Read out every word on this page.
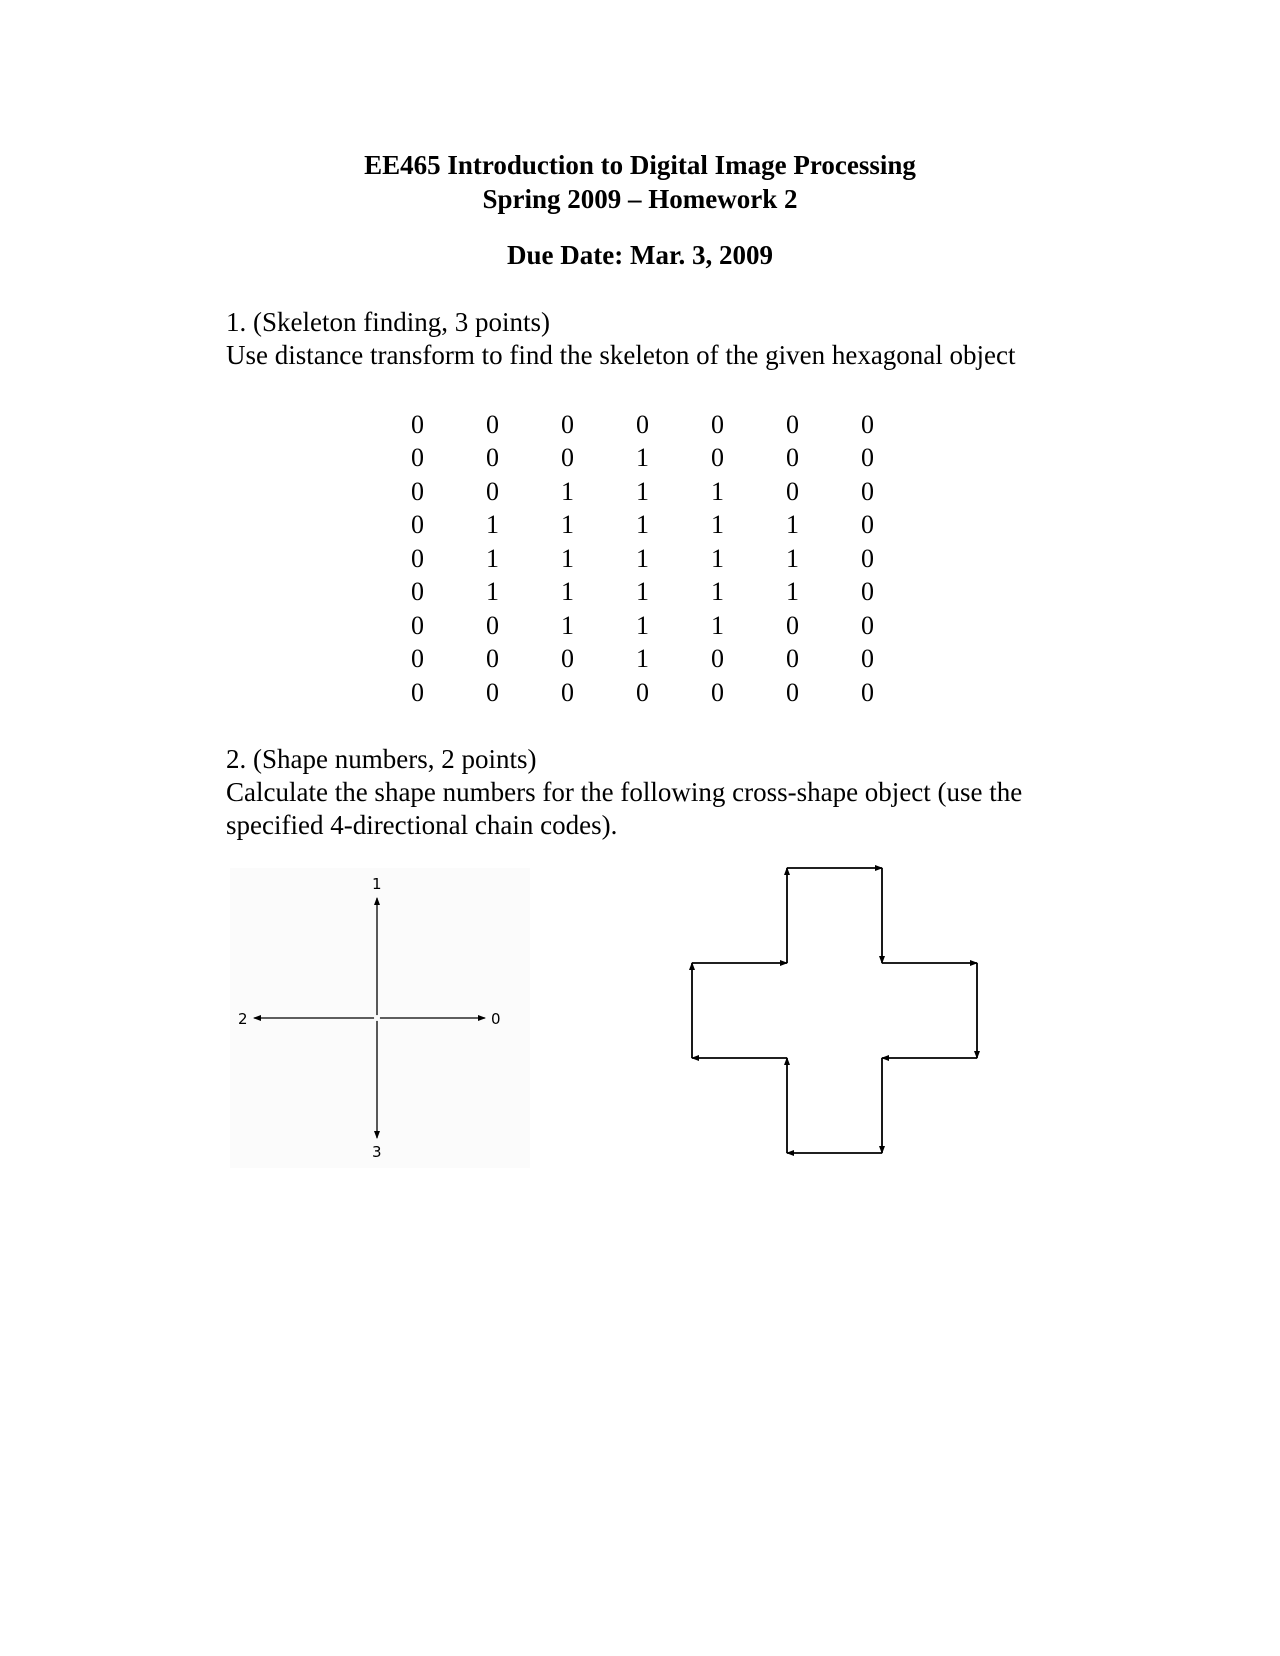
EE465 Introduction to Digital Image Processing
Spring 2009 – Homework 2
Due Date: Mar. 3, 2009
1. (Skeleton finding, 3 points)
Use distance transform to find the skeleton of the given hexagonal object
0	0	0	0	0	0	0
0	0	0	1	0	0	0
0	0	1	1	1	0	0
0	1	1	1	1	1	0
0	1	1	1	1	1	0
0	1	1	1	1	1	0
0	0	1	1	1	0	0
0	0	0	1	0	0	0
0	0	0	0	0	0	0
2. (Shape numbers, 2 points)
Calculate the shape numbers for the following cross-shape object (use the
specified 4-directional chain codes).
1
2	0
3
